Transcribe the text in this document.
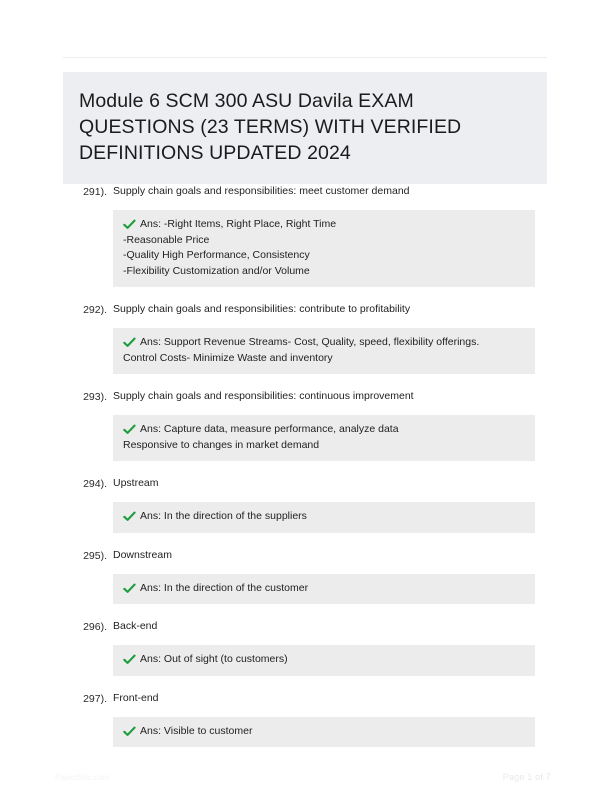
Module 6 SCM 300 ASU Davila EXAM QUESTIONS (23 TERMS) WITH VERIFIED DEFINITIONS UPDATED 2024
291). Supply chain goals and responsibilities: meet customer demand
Ans: -Right Items, Right Place, Right Time
-Reasonable Price
-Quality High Performance, Consistency
-Flexibility Customization and/or Volume
292). Supply chain goals and responsibilities: contribute to profitability
Ans: Support Revenue Streams- Cost, Quality, speed, flexibility offerings.
Control Costs- Minimize Waste and inventory
293). Supply chain goals and responsibilities: continuous improvement
Ans: Capture data, measure performance, analyze data
Responsive to changes in market demand
294). Upstream
Ans: In the direction of the suppliers
295). Downstream
Ans: In the direction of the customer
296). Back-end
Ans: Out of sight (to customers)
297). Front-end
Ans: Visible to customer
PaperStic.com	Page 1 of 7
